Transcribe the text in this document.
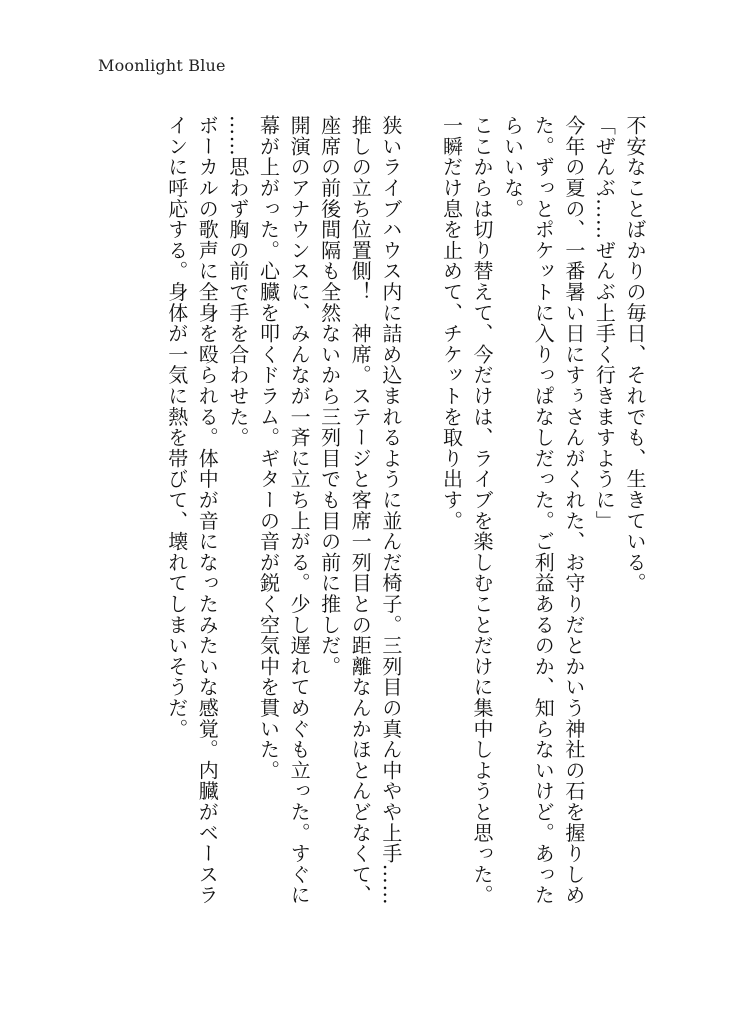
Moonlight Blue

不安なことばかりの毎日、それでも、生きている。

「ぜんぶ……ぜんぶ上手く行きますように」

今年の夏の、一番暑い日にすぅさんがくれた、お守りだとかいう神社の石を握りしめた。ずっとポケットに入りっぱなしだった。ご利益あるのか、知らないけど。あったらいいな。

ここからは切り替えて、今だけは、ライブを楽しむことだけに集中しようと思った。一瞬だけ息を止めて、チケットを取り出す。

狭いライブハウス内に詰め込まれるように並んだ椅子。三列目の真ん中やや上手……推しの立ち位置側！　神席。ステージと客席一列目との距離なんかほとんどなくて、座席の前後間隔も全然ないから三列目でも目の前に推しだ。

開演のアナウンスに、みんなが一斉に立ち上がる。少し遅れてめぐも立った。すぐに幕が上がった。心臓を叩くドラム。ギターの音が鋭く空気中を貫いた。

……思わず胸の前で手を合わせた。

ボーカルの歌声に全身を殴られる。体中が音になったみたいな感覚。内臓がベースラインに呼応する。身体が一気に熱を帯びて、壊れてしまいそうだ。
